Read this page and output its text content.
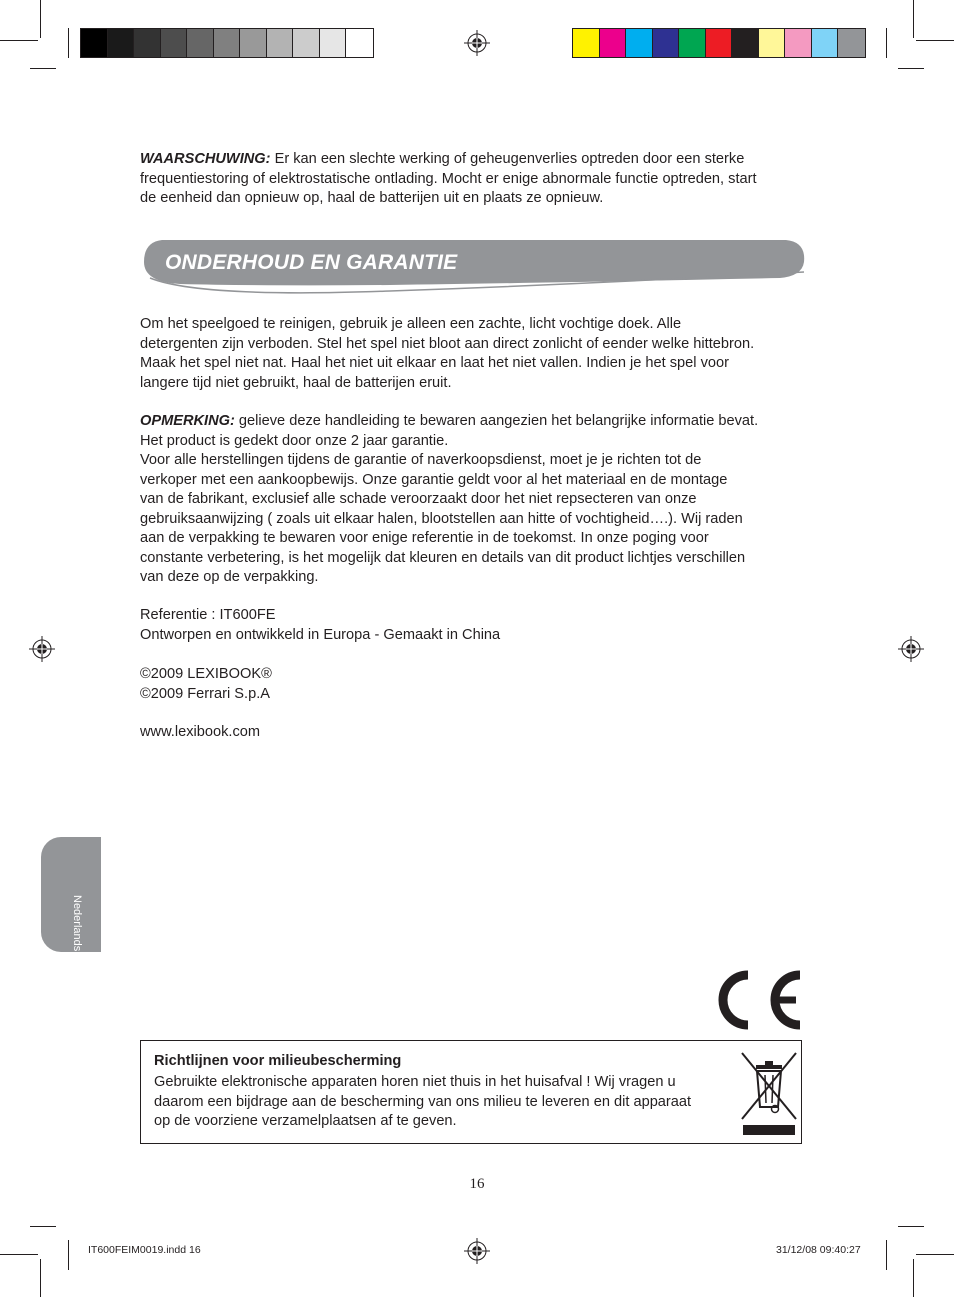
WAARSCHUWING: Er kan een slechte werking of geheugenverlies optreden door een sterke
frequentiestoring of elektrostatische ontlading. Mocht er enige abnormale functie optreden, start
de eenheid dan opnieuw op, haal de batterijen uit en plaats ze opnieuw.
ONDERHOUD EN GARANTIE
Om het speelgoed te reinigen, gebruik je alleen een zachte, licht vochtige doek. Alle
detergenten zijn verboden. Stel het spel niet bloot aan direct zonlicht of eender welke hittebron.
Maak het spel niet nat. Haal het niet uit elkaar en laat het niet vallen. Indien je het spel voor
langere tijd niet gebruikt, haal de batterijen eruit.
OPMERKING: gelieve deze handleiding te bewaren aangezien het belangrijke informatie bevat.
Het product is gedekt door onze 2 jaar garantie.
Voor alle herstellingen tijdens de garantie of naverkoopsdienst, moet je je richten tot de
verkoper met een aankoopbewijs. Onze garantie geldt voor al het materiaal en de montage
van de fabrikant, exclusief alle schade veroorzaakt door het niet repsecteren van onze
gebruiksaanwijzing ( zoals uit elkaar halen, blootstellen aan hitte of vochtigheid….). Wij raden
aan de verpakking te bewaren voor enige referentie in de toekomst. In onze poging voor
constante verbetering, is het mogelijk dat kleuren en details van dit product lichtjes verschillen
van deze op de verpakking.
Referentie : IT600FE
Ontworpen en ontwikkeld in Europa - Gemaakt in China
©2009 LEXIBOOK®
©2009 Ferrari S.p.A
www.lexibook.com
Nederlands
Richtlijnen voor milieubescherming
Gebruikte elektronische apparaten horen niet thuis in het huisafval ! Wij vragen u
daarom een bijdrage aan de bescherming van ons milieu te leveren en dit apparaat
op de voorziene verzamelplaatsen af te geven.
16
IT600FEIM0019.indd 16	31/12/08 09:40:27
